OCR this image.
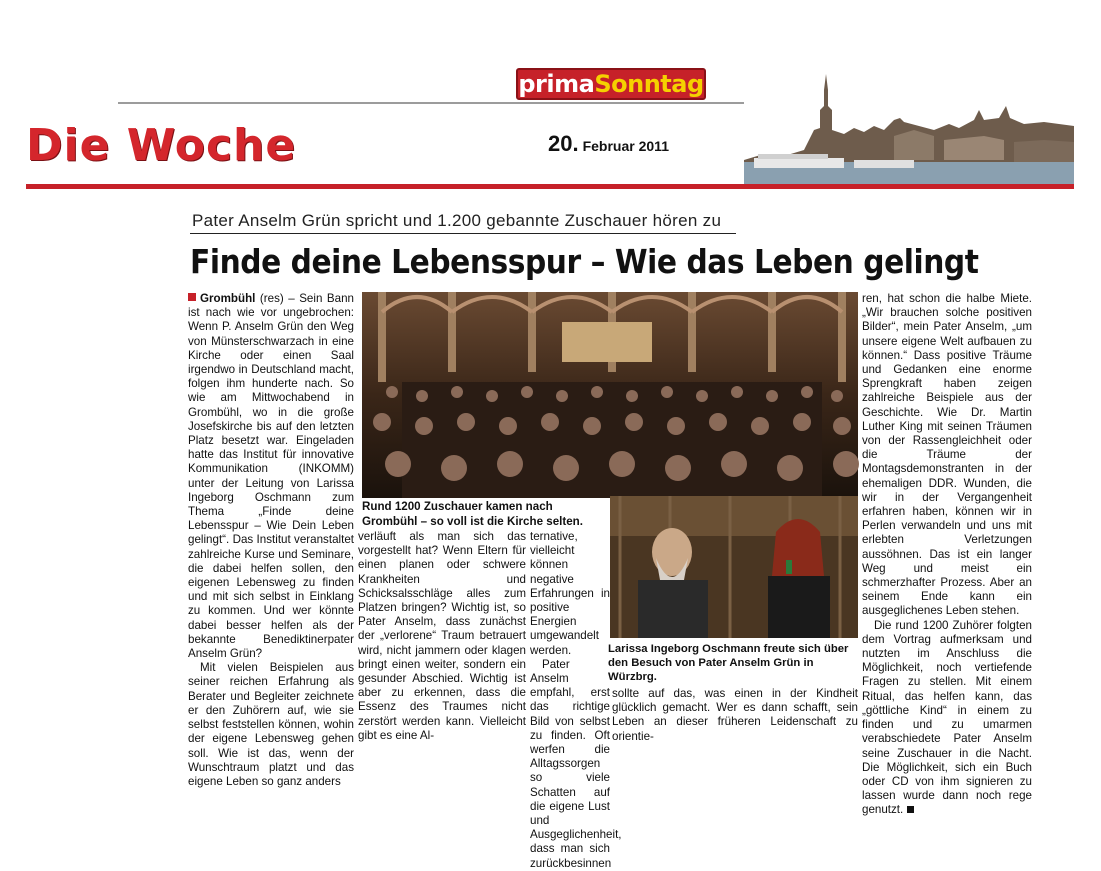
prima Sonntag
Die Woche	20. Februar 2011
Pater Anselm Grün spricht und 1.200 gebannte Zuschauer hören zu
Finde deine Lebensspur – Wie das Leben gelingt

Grombühl (res) – Sein Bann ist nach wie vor ungebrochen: Wenn P. Anselm Grün den Weg von Münsterschwarzach in eine Kirche oder einen Saal irgendwo in Deutschland macht, folgen ihm hunderte nach. So wie am Mittwochabend in Grombühl, wo in die große Josefskirche bis auf den letzten Platz besetzt war. Eingeladen hatte das Institut für innovative Kommunikation (INKOMM) unter der Leitung von Larissa Ingeborg Oschmann zum Thema „Finde deine Lebensspur – Wie Dein Leben gelingt“. Das Institut veranstaltet zahlreiche Kurse und Seminare, die dabei helfen sollen, den eigenen Lebensweg zu finden und mit sich selbst in Einklang zu kommen. Und wer könnte dabei besser helfen als der bekannte Benediktinerpater Anselm Grün?

Mit vielen Beispielen aus seiner reichen Erfahrung als Berater und Begleiter zeichnete er den Zuhörern auf, wie sie selbst feststellen können, wohin der eigene Lebensweg gehen soll. Wie ist das, wenn der Wunschtraum platzt und das eigene Leben so ganz anders

Rund 1200 Zuschauer kamen nach Grombühl – so voll ist die Kirche selten.
Larissa Ingeborg Oschmann freute sich über den Besuch von Pater Anselm Grün in Würzbrg.

verläuft als man sich das vorgestellt hat? Wenn Eltern für einen planen oder schwere Krankheiten und Schicksalsschläge alles zum Platzen bringen? Wichtig ist, so Pater Anselm, dass zunächst der „verlorene“ Traum betrauert wird, nicht jammern oder klagen bringt einen weiter, sondern ein gesunder Abschied. Wichtig ist aber zu erkennen, dass die Essenz des Traumes nicht zerstört werden kann. Vielleicht gibt es eine Al-

ternative, vielleicht können negative Erfahrungen in positive Energien umgewandelt werden.

Pater Anselm empfahl, erst das richtige Bild von selbst zu finden. Oft werfen die Alltagssorgen so viele Schatten auf die eigene Lust und Ausgeglichenheit, dass man sich zurückbesinnen

sollte auf das, was einen in der Kindheit glücklich gemacht. Wer es dann schafft, sein Leben an dieser früheren Leidenschaft zu orientie-

ren, hat schon die halbe Miete. „Wir brauchen solche positiven Bilder“, mein Pater Anselm, „um unsere eigene Welt aufbauen zu können.“ Dass positive Träume und Gedanken eine enorme Sprengkraft haben zeigen zahlreiche Beispiele aus der Geschichte. Wie Dr. Martin Luther King mit seinen Träumen von der Rassengleichheit oder die Träume der Montagsdemonstranten in der ehemaligen DDR. Wunden, die wir in der Vergangenheit erfahren haben, können wir in Perlen verwandeln und uns mit erlebten Verletzungen aussöhnen. Das ist ein langer Weg und meist ein schmerzhafter Prozess. Aber an seinem Ende kann ein ausgeglichenes Leben stehen.

Die rund 1200 Zuhörer folgten dem Vortrag aufmerksam und nutzten im Anschluss die Möglichkeit, noch vertiefende Fragen zu stellen. Mit einem Ritual, das helfen kann, das „göttliche Kind“ in einem zu finden und zu umarmen verabschiedete Pater Anselm seine Zuschauer in die Nacht. Die Möglichkeit, sich ein Buch oder CD von ihm signieren zu lassen wurde dann noch rege genutzt.
